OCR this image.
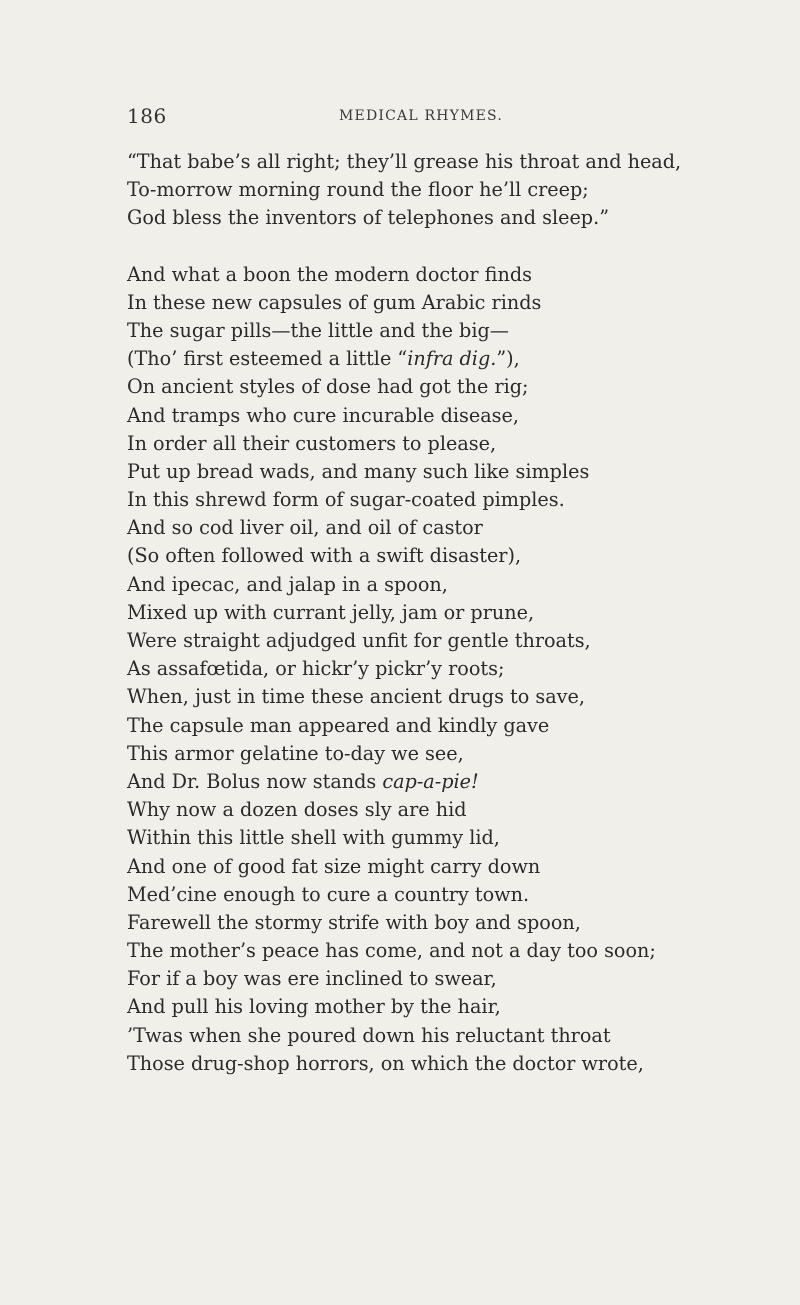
186	MEDICAL RHYMES.
“That babe’s all right; they’ll grease his throat and head,
To-morrow morning round the floor he’ll creep;
God bless the inventors of telephones and sleep.”
And what a boon the modern doctor finds
In these new capsules of gum Arabic rinds
The sugar pills—the little and the big—
(Tho’ first esteemed a little “infra dig.”),
On ancient styles of dose had got the rig;
And tramps who cure incurable disease,
In order all their customers to please,
Put up bread wads, and many such like simples
In this shrewd form of sugar-coated pimples.
And so cod liver oil, and oil of castor
(So often followed with a swift disaster),
And ipecac, and jalap in a spoon,
Mixed up with currant jelly, jam or prune,
Were straight adjudged unfit for gentle throats,
As assafœtida, or hickr’y pickr’y roots;
When, just in time these ancient drugs to save,
The capsule man appeared and kindly gave
This armor gelatine to-day we see,
And Dr. Bolus now stands cap-a-pie!
Why now a dozen doses sly are hid
Within this little shell with gummy lid,
And one of good fat size might carry down
Med’cine enough to cure a country town.
Farewell the stormy strife with boy and spoon,
The mother’s peace has come, and not a day too soon;
For if a boy was ere inclined to swear,
And pull his loving mother by the hair,
’Twas when she poured down his reluctant throat
Those drug-shop horrors, on which the doctor wrote,
